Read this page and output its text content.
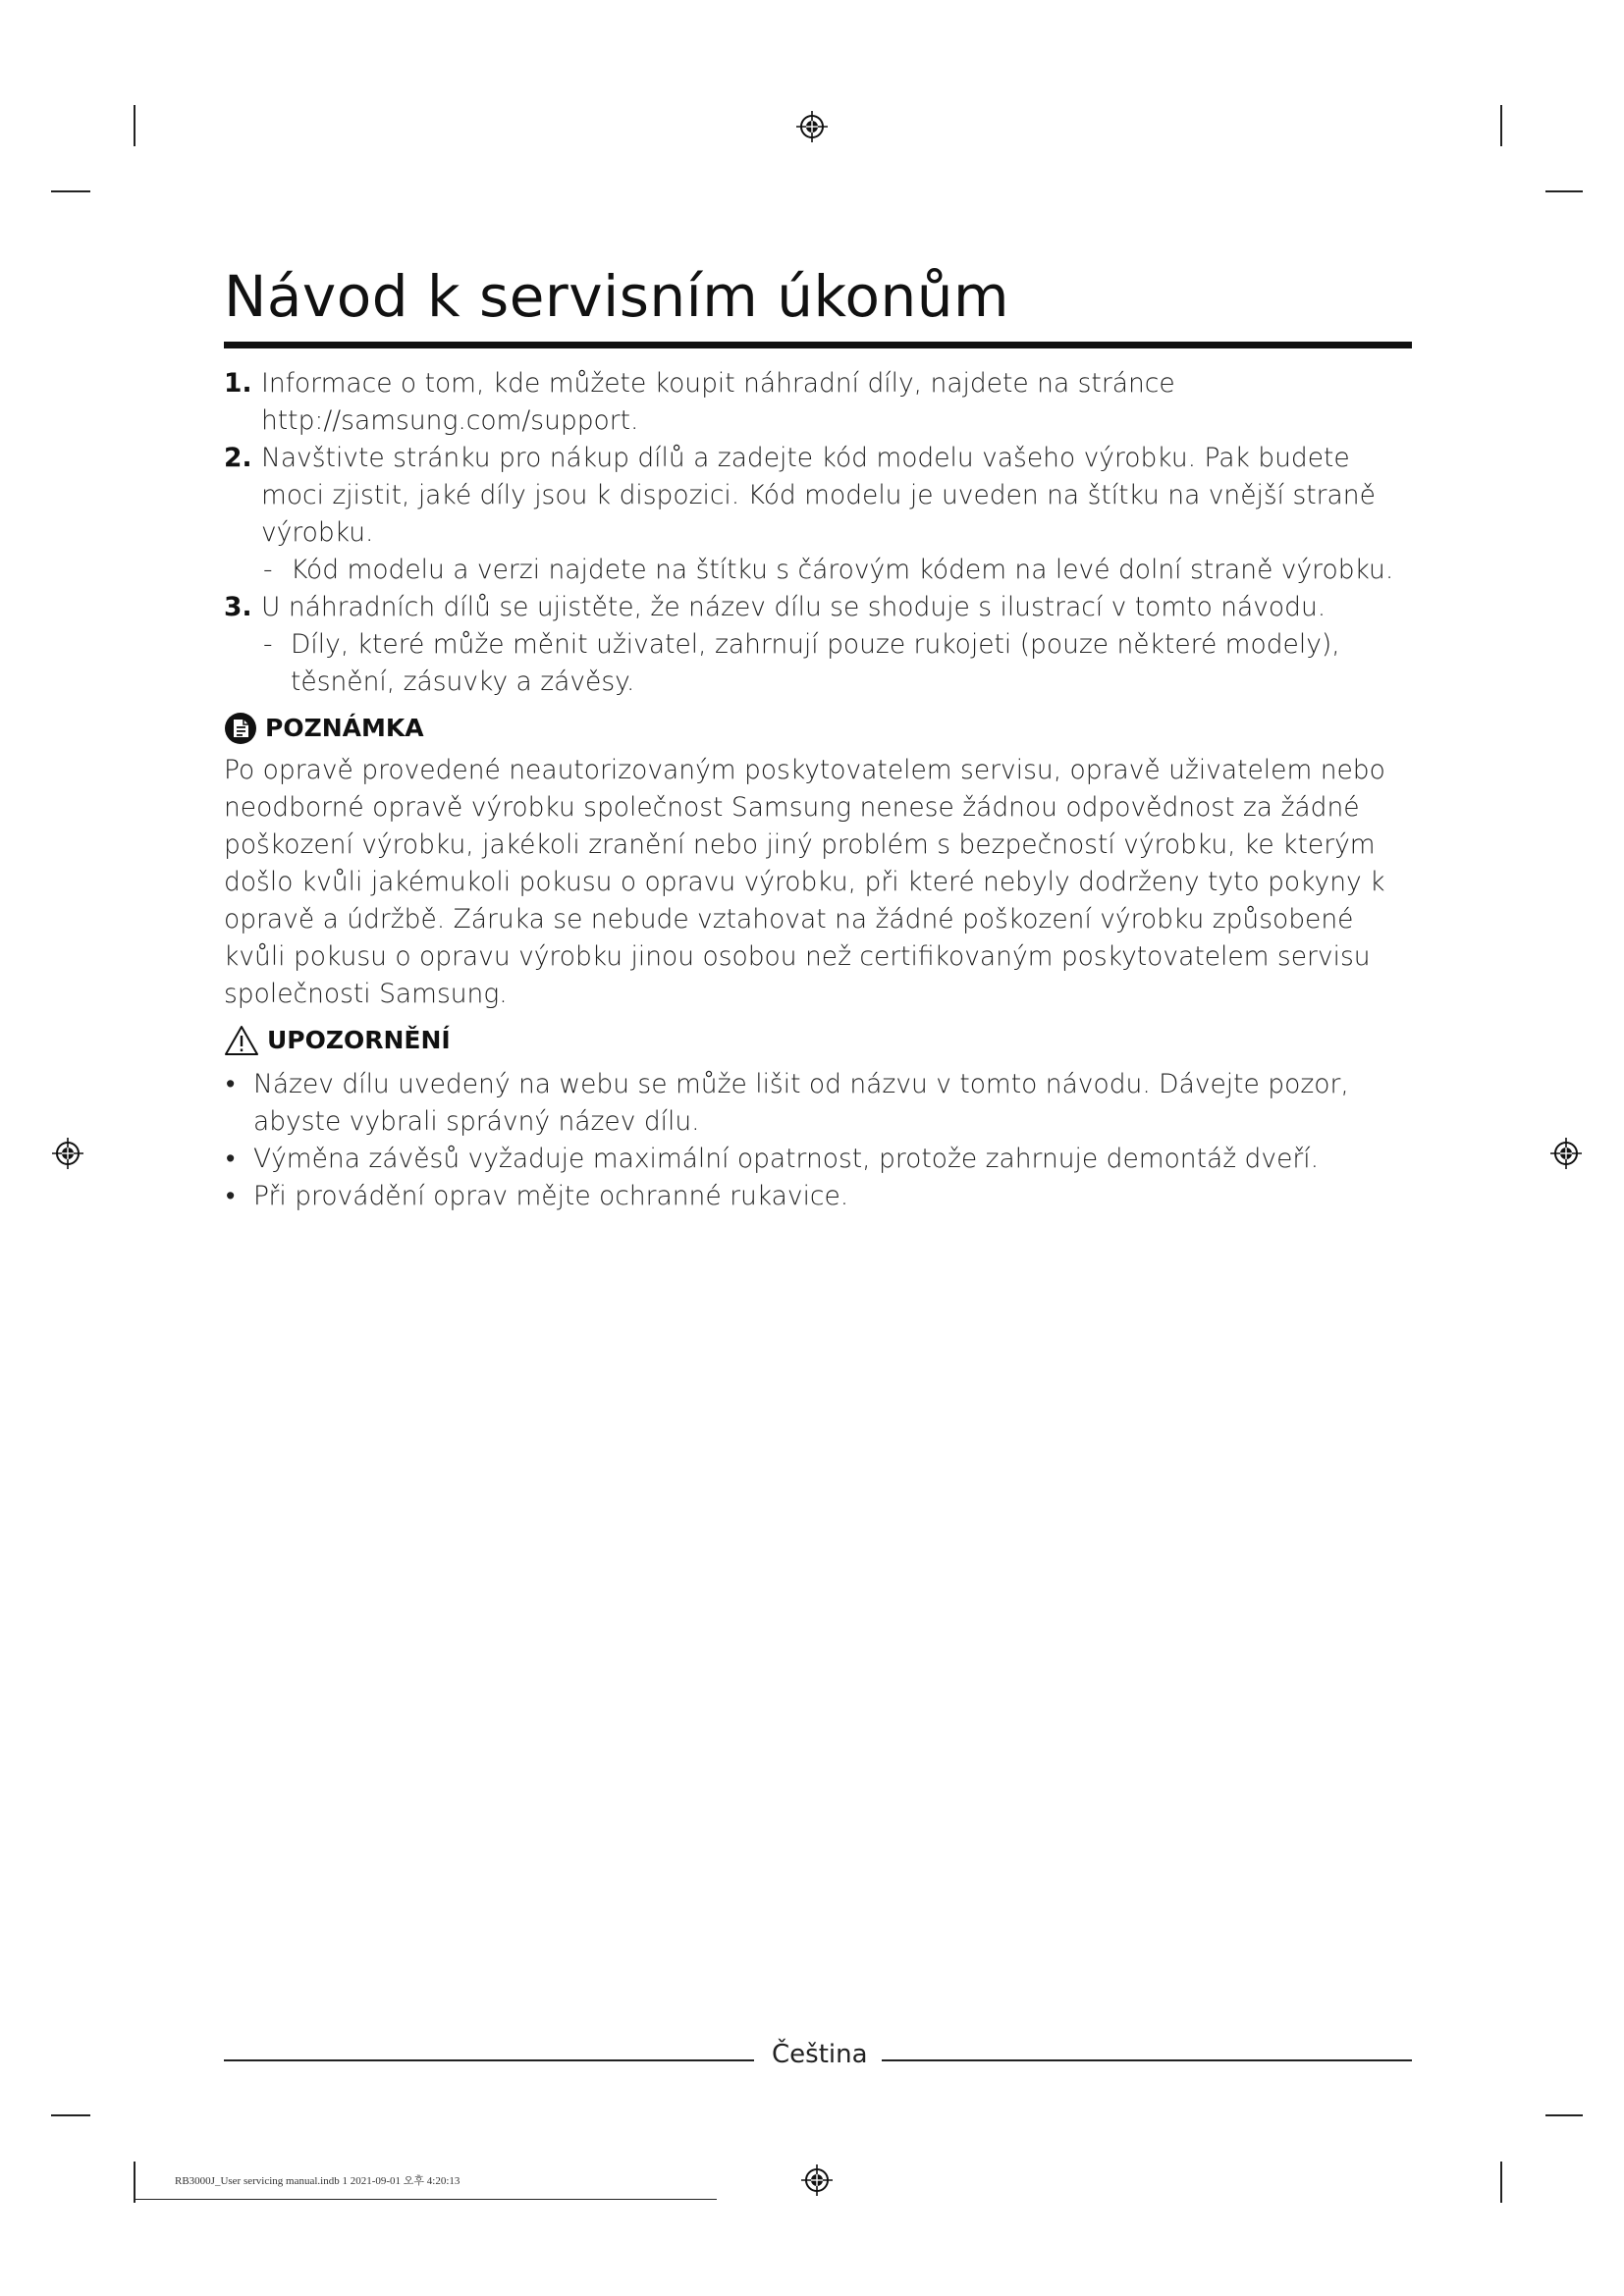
Návod k servisním úkonům
1. Informace o tom, kde můžete koupit náhradní díly, najdete na stránce http://samsung.com/support.
2. Navštivte stránku pro nákup dílů a zadejte kód modelu vašeho výrobku. Pak budete moci zjistit, jaké díly jsou k dispozici. Kód modelu je uveden na štítku na vnější straně výrobku.
- Kód modelu a verzi najdete na štítku s čárovým kódem na levé dolní straně výrobku.
3. U náhradních dílů se ujistěte, že název dílu se shoduje s ilustrací v tomto návodu.
- Díly, které může měnit uživatel, zahrnují pouze rukojeti (pouze některé modely), těsnění, zásuvky a závěsy.
POZNÁMKA
Po opravě provedené neautorizovaným poskytovatelem servisu, opravě uživatelem nebo neodborné opravě výrobku společnost Samsung nenese žádnou odpovědnost za žádné poškození výrobku, jakékoli zranění nebo jiný problém s bezpečností výrobku, ke kterým došlo kvůli jakémukoli pokusu o opravu výrobku, při které nebyly dodrženy tyto pokyny k opravě a údržbě. Záruka se nebude vztahovat na žádné poškození výrobku způsobené kvůli pokusu o opravu výrobku jinou osobou než certifikovaným poskytovatelem servisu společnosti Samsung.
UPOZORNĚNÍ
• Název dílu uvedený na webu se může lišit od názvu v tomto návodu. Dávejte pozor, abyste vybrali správný název dílu.
• Výměna závěsů vyžaduje maximální opatrnost, protože zahrnuje demontáž dveří.
• Při provádění oprav mějte ochranné rukavice.
Čeština
RB3000J_User servicing manual.indb 1 2021-09-01 오후 4:20:13
